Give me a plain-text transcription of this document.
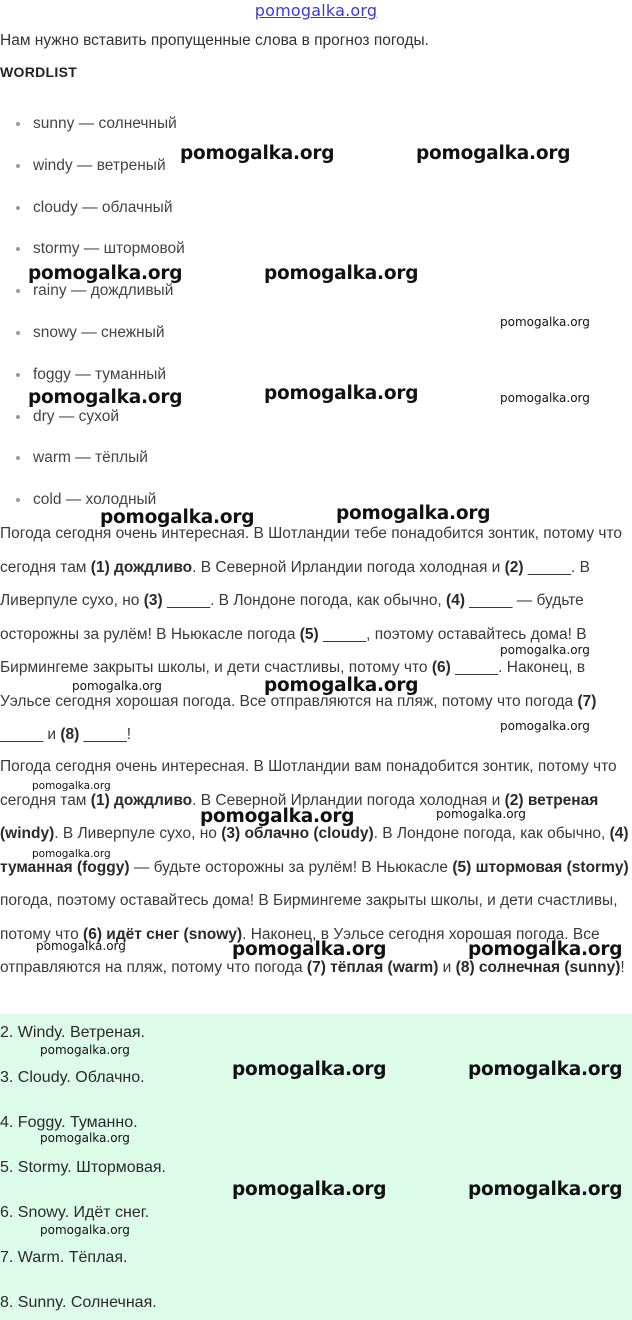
pomogalka.org
Нам нужно вставить пропущенные слова в прогноз погоды.
WORDLIST
sunny — солнечный
windy — ветреный
cloudy — облачный
stormy — штормовой
rainy — дождливый
snowy — снежный
foggy — туманный
dry — сухой
warm — тёплый
cold — холодный

Погода сегодня очень интересная. В Шотландии тебе понадобится зонтик, потому что сегодня там (1) дождливо. В Северной Ирландии погода холодная и (2) _____. В Ливерпуле сухо, но (3) _____. В Лондоне погода, как обычно, (4) _____ — будьте осторожны за рулём! В Ньюкасле погода (5) _____, поэтому оставайтесь дома! В Бирмингеме закрыты школы, и дети счастливы, потому что (6) _____. Наконец, в Уэльсе сегодня хорошая погода. Все отправляются на пляж, потому что погода (7) _____ и (8) _____!

Погода сегодня очень интересная. В Шотландии вам понадобится зонтик, потому что сегодня там (1) дождливо. В Северной Ирландии погода холодная и (2) ветреная (windy). В Ливерпуле сухо, но (3) облачно (cloudy). В Лондоне погода, как обычно, (4) туманная (foggy) — будьте осторожны за рулём! В Ньюкасле (5) штормовая (stormy) погода, поэтому оставайтесь дома! В Бирмингеме закрыты школы, и дети счастливы, потому что (6) идёт снег (snowy). Наконец, в Уэльсе сегодня хорошая погода. Все отправляются на пляж, потому что погода (7) тёплая (warm) и (8) солнечная (sunny)!

2. Windy. Ветреная.
3. Cloudy. Облачно.
4. Foggy. Туманно.
5. Stormy. Штормовая.
6. Snowy. Идёт снег.
7. Warm. Тёплая.
8. Sunny. Солнечная.
pomogalka.org	pomogalka.org
pomogalka.org	pomogalka.org
pomogalka.org
pomogalka.org	pomogalka.org	pomogalka.org
pomogalka.org	pomogalka.org
pomogalka.org
pomogalka.org	pomogalka.org
pomogalka.org
pomogalka.org
pomogalka.org	pomogalka.org
pomogalka.org
pomogalka.org	pomogalka.org	pomogalka.org
pomogalka.org
pomogalka.org	pomogalka.org
pomogalka.org
pomogalka.org	pomogalka.org
pomogalka.org
